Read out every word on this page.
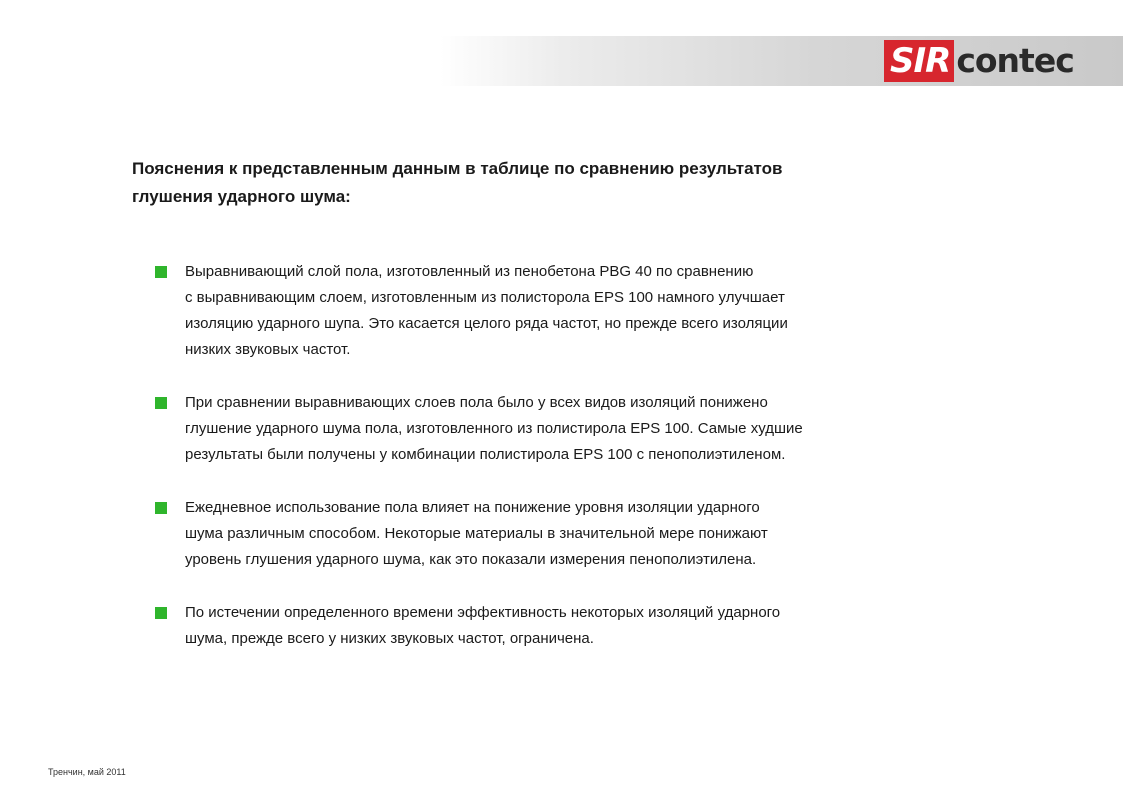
SIR contec
Пояснения к представленным данным в таблице по сравнению результатов
глушения ударного шума:
Выравнивающий слой пола, изготовленный из пенобетона PBG 40 по сравнению
с выравнивающим слоем, изготовленным из полисторола EPS 100 намного улучшает
изоляцию ударного шупа. Это касается целого ряда частот, но прежде всего изоляции
низких звуковых частот.
При сравнении выравнивающих слоев пола было у всех видов изоляций понижено
глушение ударного шума пола, изготовленного из полистирола EPS 100. Самые худшие
результаты были получены у комбинации полистирола EPS 100 с пенополиэтиленом.
Ежедневное использование пола влияет на понижение уровня изоляции ударного
шума различным способом. Некоторые материалы в значительной мере понижают
уровень глушения ударного шума, как это показали измерения пенополиэтилена.
По истечении определенного времени эффективность некоторых изоляций ударного
шума, прежде всего у низких звуковых частот, ограничена.
Тренчин, май 2011
